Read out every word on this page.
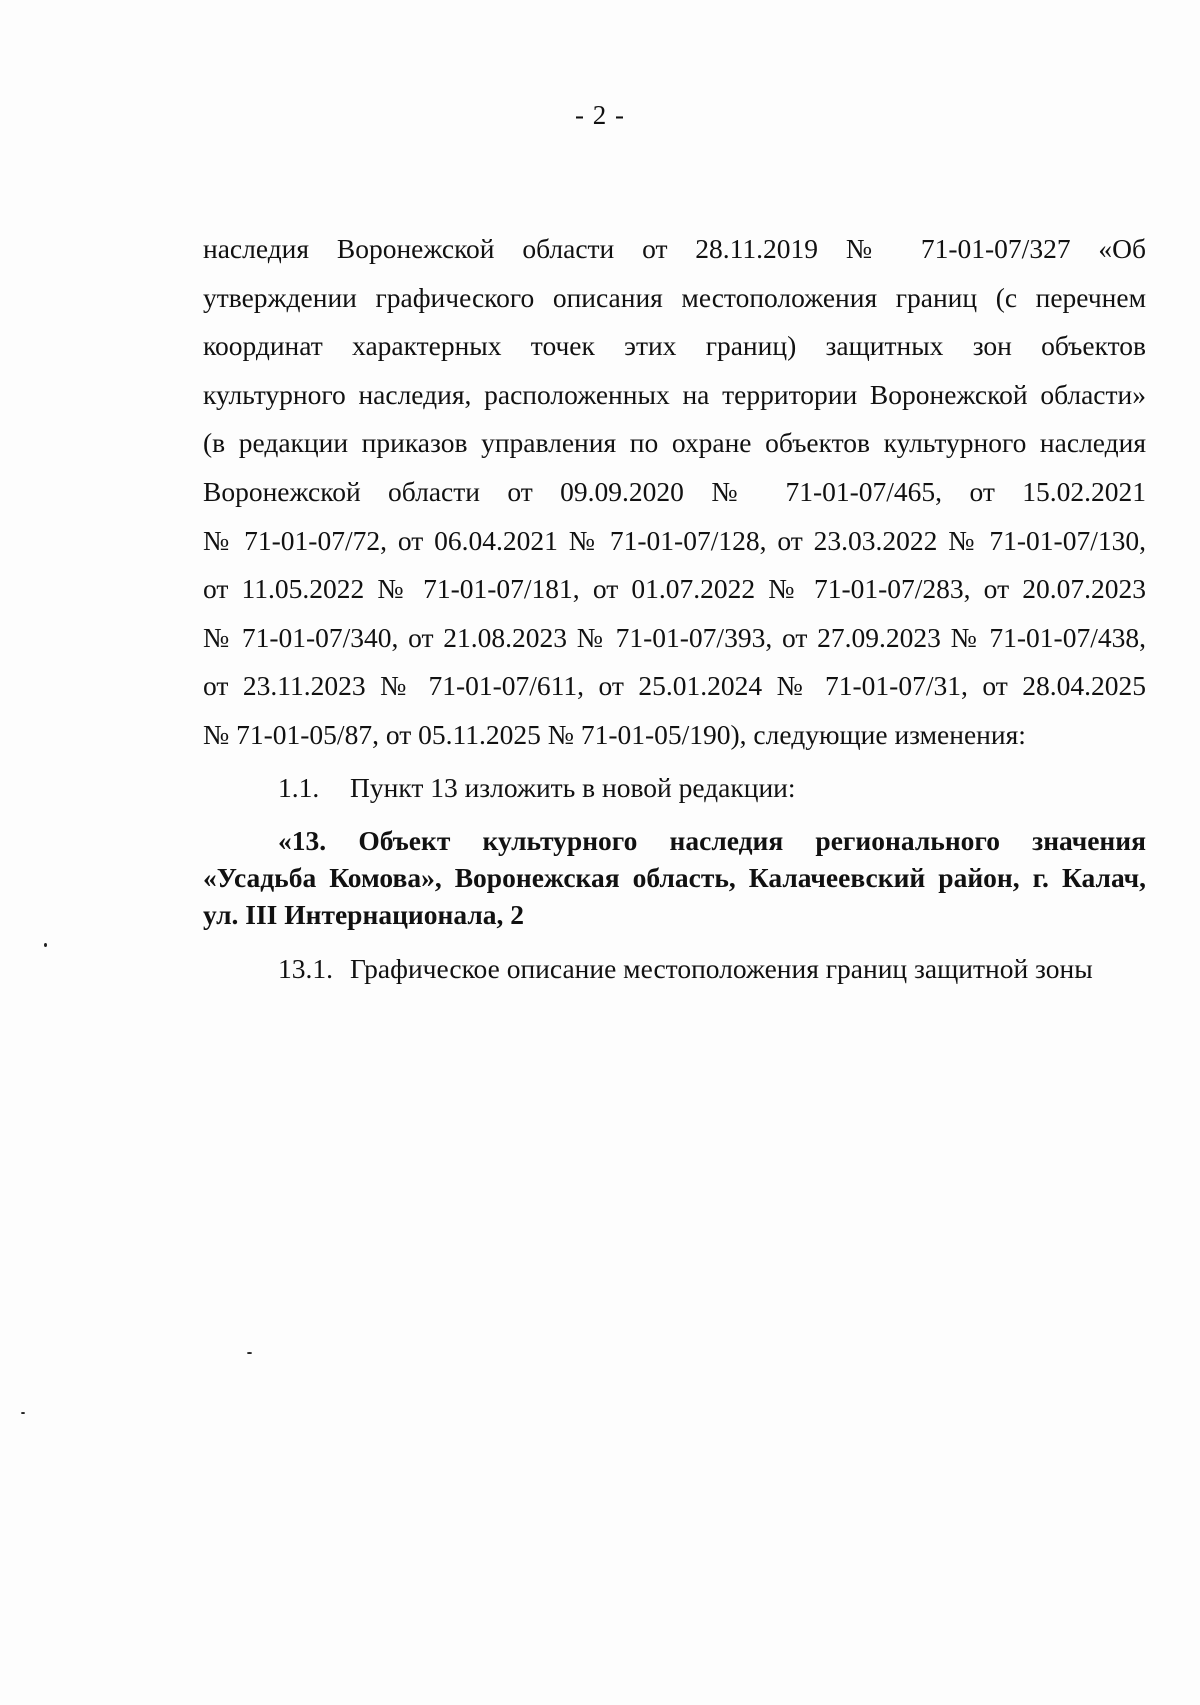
- 2 -
наследия Воронежской области от 28.11.2019 № 71-01-07/327 «Об
утверждении графического описания местоположения границ (с перечнем
координат характерных точек этих границ) защитных зон объектов
культурного наследия, расположенных на территории Воронежской области»
(в редакции приказов управления по охране объектов культурного наследия
Воронежской области от 09.09.2020 № 71-01-07/465, от 15.02.2021
№ 71-01-07/72, от 06.04.2021 № 71-01-07/128, от 23.03.2022 № 71-01-07/130,
от 11.05.2022 № 71-01-07/181, от 01.07.2022 № 71-01-07/283, от 20.07.2023
№ 71-01-07/340, от 21.08.2023 № 71-01-07/393, от 27.09.2023 № 71-01-07/438,
от 23.11.2023 № 71-01-07/611, от 25.01.2024 № 71-01-07/31, от 28.04.2025
№ 71-01-05/87, от 05.11.2025 № 71-01-05/190), следующие изменения:
1.1. Пункт 13 изложить в новой редакции:
«13. Объект культурного наследия регионального значения
«Усадьба Комова», Воронежская область, Калачеевский район, г. Калач,
ул. III Интернационала, 2
13.1. Графическое описание местоположения границ защитной зоны
